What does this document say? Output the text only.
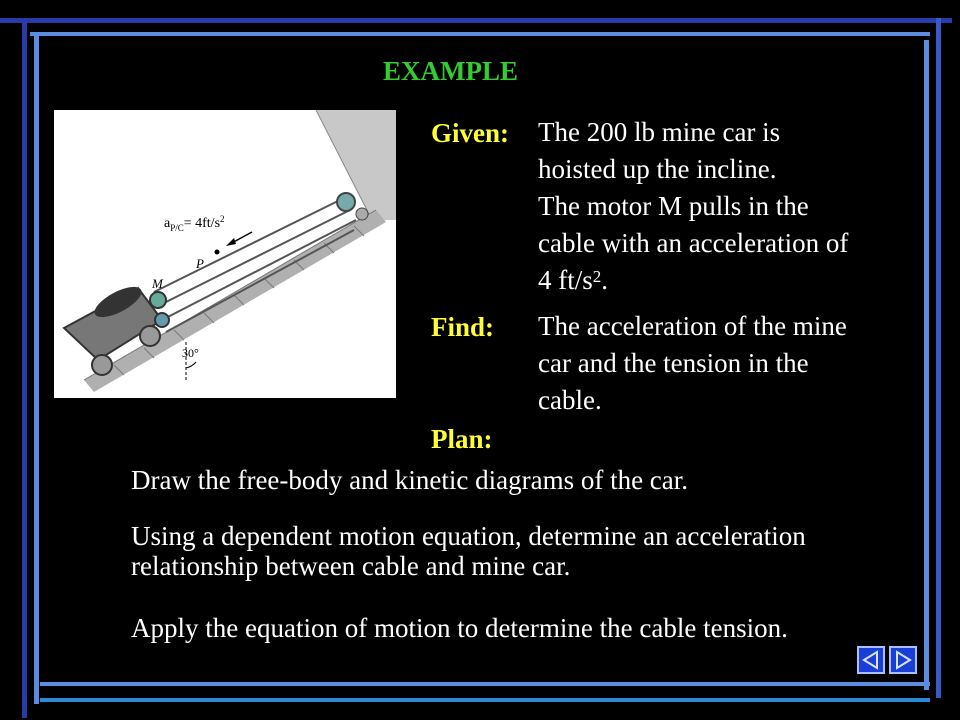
EXAMPLE
$a_{P/C}= 4ft/s^2$
P
M
30°
Given: The 200 lb mine car is
hoisted up the incline.
The motor M pulls in the
cable with an acceleration of
4 $ft/s^2$.
Find: The acceleration of the mine
car and the tension in the
cable.
Plan:
Draw the free-body and kinetic diagrams of the car.
Using a dependent motion equation, determine an acceleration relationship between cable and mine car.
Apply the equation of motion to determine the cable tension.
